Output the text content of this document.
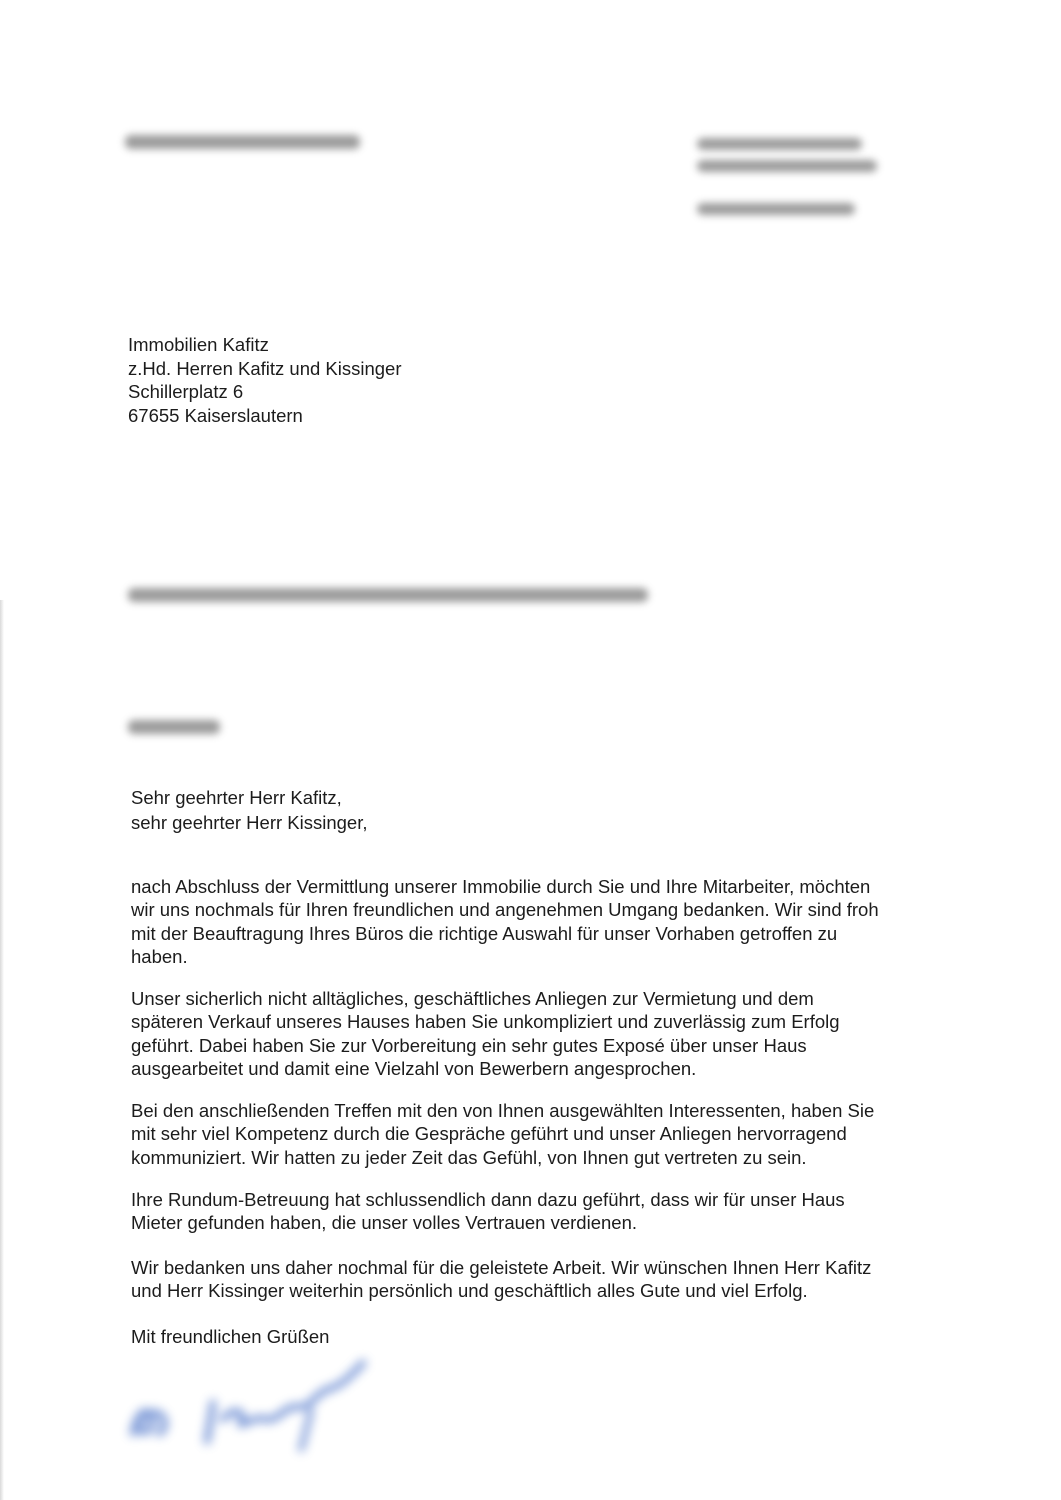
Immobilien Kafitz
z.Hd. Herren Kafitz und Kissinger
Schillerplatz 6
67655 Kaiserslautern
Sehr geehrter Herr Kafitz,
sehr geehrter Herr Kissinger,
nach Abschluss der Vermittlung unserer Immobilie durch Sie und Ihre Mitarbeiter, möchten
wir uns nochmals für Ihren freundlichen und angenehmen Umgang bedanken. Wir sind froh
mit der Beauftragung Ihres Büros die richtige Auswahl für unser Vorhaben getroffen zu
haben.
Unser sicherlich nicht alltägliches, geschäftliches Anliegen zur Vermietung und dem
späteren Verkauf unseres Hauses haben Sie unkompliziert und zuverlässig zum Erfolg
geführt. Dabei haben Sie zur Vorbereitung ein sehr gutes Exposé über unser Haus
ausgearbeitet und damit eine Vielzahl von Bewerbern angesprochen.
Bei den anschließenden Treffen mit den von Ihnen ausgewählten Interessenten, haben Sie
mit sehr viel Kompetenz durch die Gespräche geführt und unser Anliegen hervorragend
kommuniziert. Wir hatten zu jeder Zeit das Gefühl, von Ihnen gut vertreten zu sein.
Ihre Rundum-Betreuung hat schlussendlich dann dazu geführt, dass wir für unser Haus
Mieter gefunden haben, die unser volles Vertrauen verdienen.
Wir bedanken uns daher nochmal für die geleistete Arbeit. Wir wünschen Ihnen Herr Kafitz
und Herr Kissinger weiterhin persönlich und geschäftlich alles Gute und viel Erfolg.
Mit freundlichen Grüßen
